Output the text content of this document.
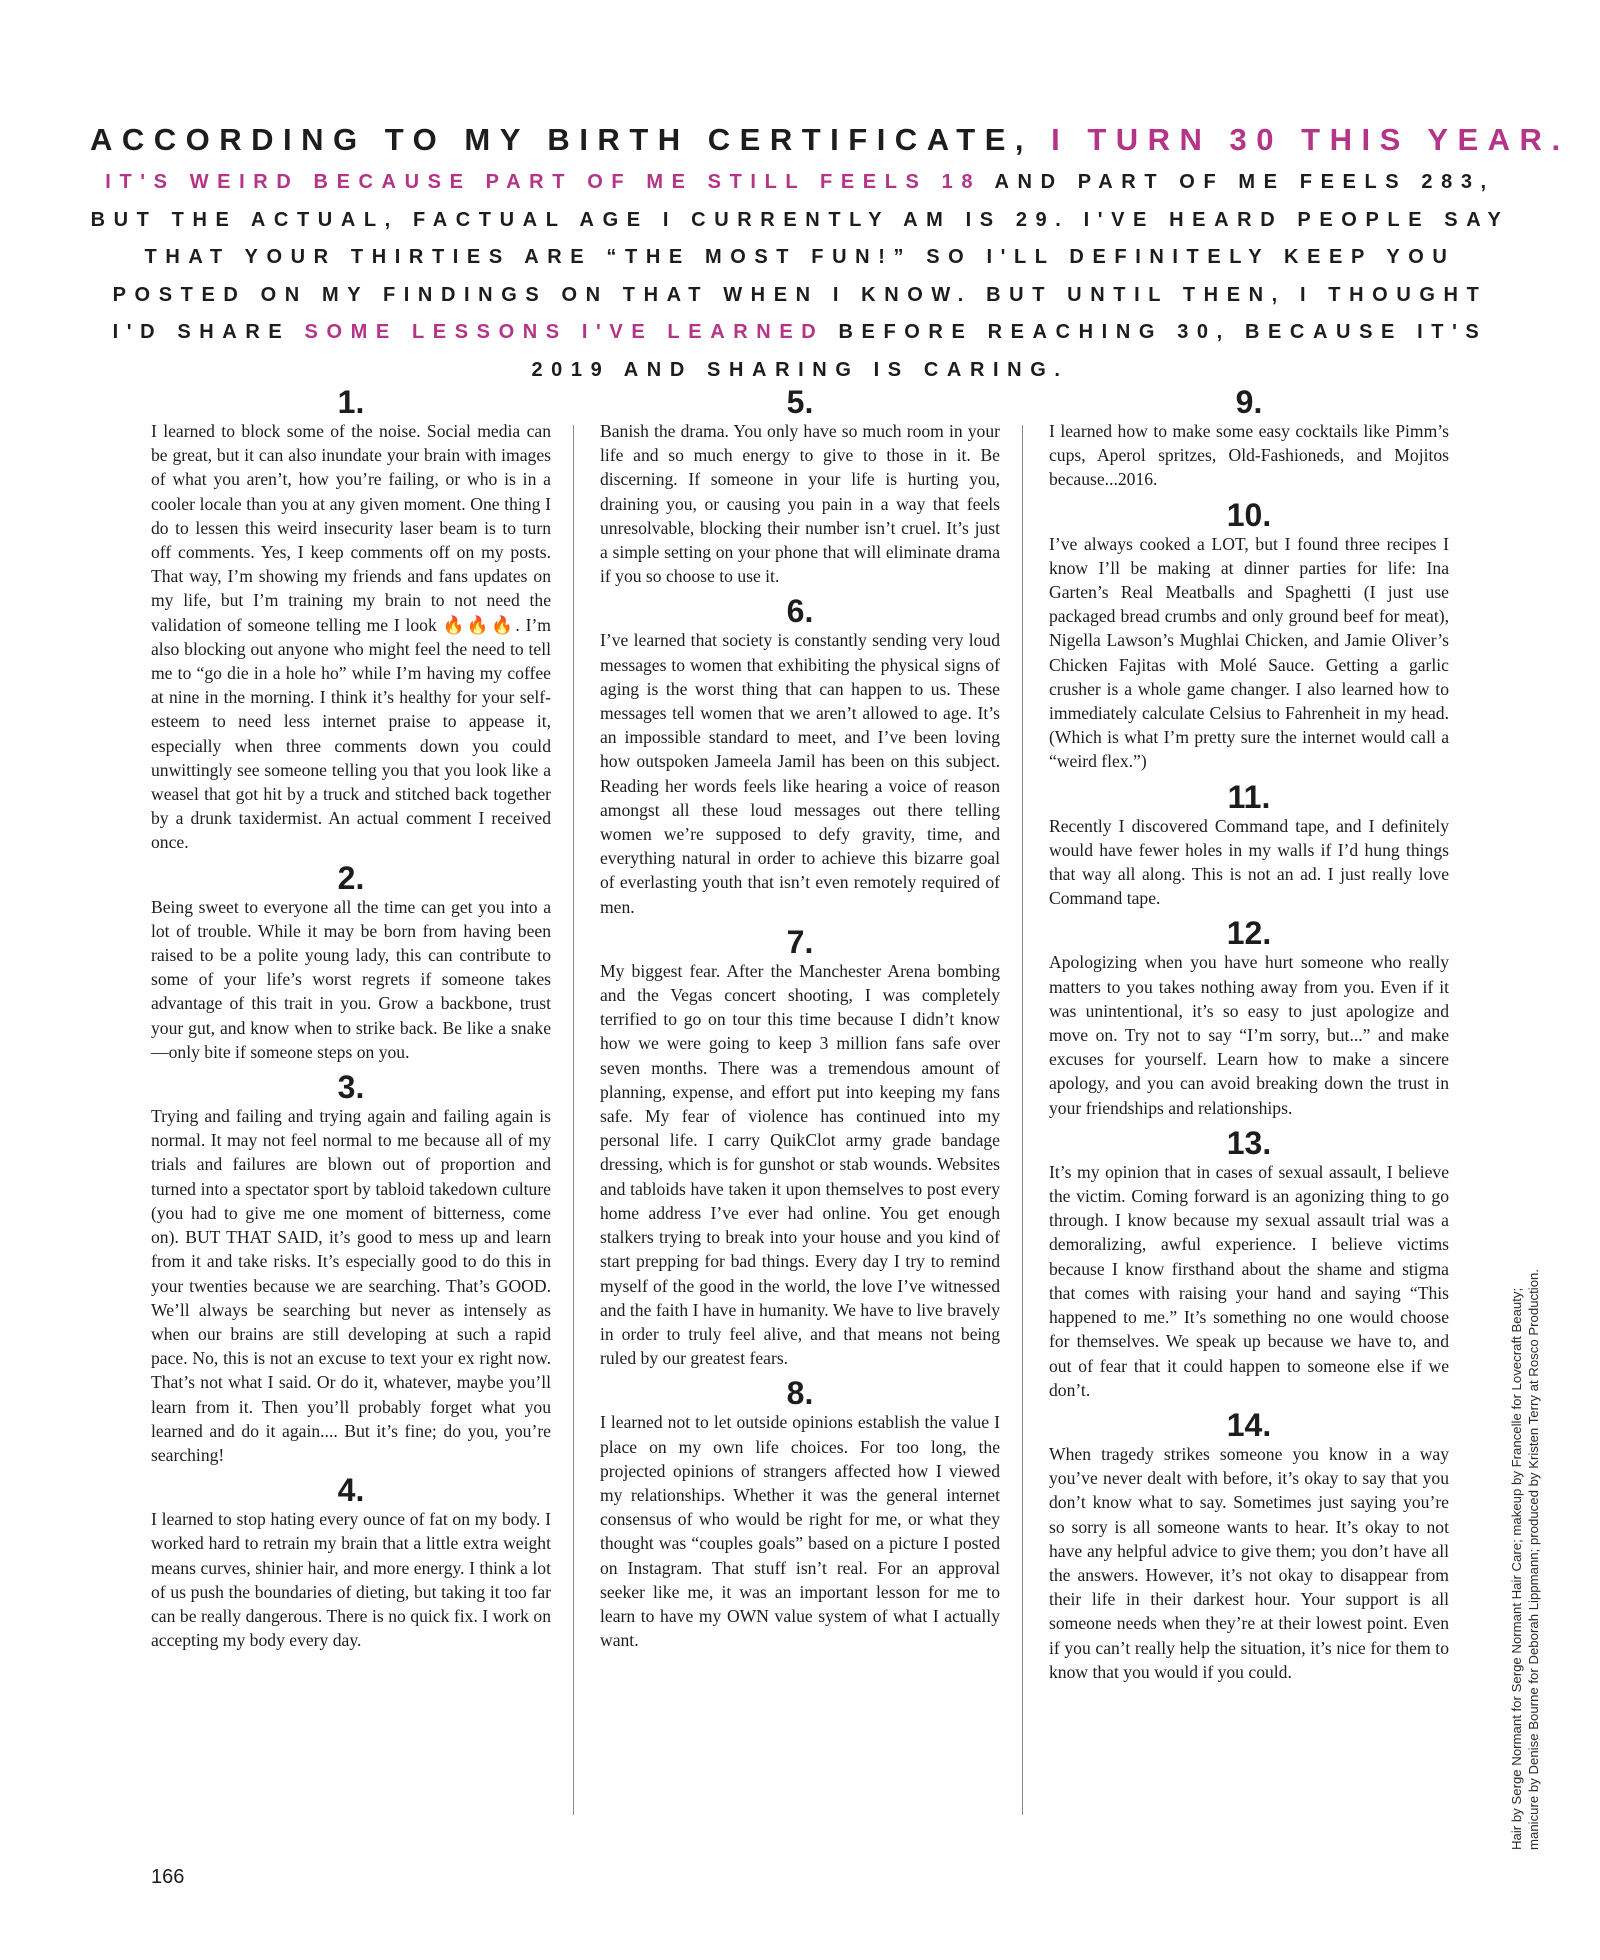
ACCORDING TO MY BIRTH CERTIFICATE, I TURN 30 THIS YEAR.
IT'S WEIRD BECAUSE PART OF ME STILL FEELS 18 AND PART OF ME FEELS 283, BUT THE ACTUAL, FACTUAL AGE I CURRENTLY AM IS 29. I'VE HEARD PEOPLE SAY THAT YOUR THIRTIES ARE “THE MOST FUN!” SO I'LL DEFINITELY KEEP YOU POSTED ON MY FINDINGS ON THAT WHEN I KNOW. BUT UNTIL THEN, I THOUGHT I'D SHARE SOME LESSONS I'VE LEARNED BEFORE REACHING 30, BECAUSE IT'S 2019 AND SHARING IS CARING.
1.

I learned to block some of the noise. Social media can be great, but it can also inundate your brain with images of what you aren’t, how you’re failing, or who is in a cooler locale than you at any given moment. One thing I do to lessen this weird insecurity laser beam is to turn off comments. Yes, I keep comments off on my posts. That way, I’m showing my friends and fans updates on my life, but I’m training my brain to not need the validation of someone telling me I look 🔥🔥🔥. I’m also blocking out anyone who might feel the need to tell me to “go die in a hole ho” while I’m having my coffee at nine in the morning. I think it’s healthy for your self-esteem to need less internet praise to appease it, especially when three comments down you could unwittingly see someone telling you that you look like a weasel that got hit by a truck and stitched back together by a drunk taxidermist. An actual comment I received once.

2.

Being sweet to everyone all the time can get you into a lot of trouble. While it may be born from having been raised to be a polite young lady, this can contribute to some of your life’s worst regrets if someone takes advantage of this trait in you. Grow a backbone, trust your gut, and know when to strike back. Be like a snake—only bite if someone steps on you.

3.

Trying and failing and trying again and failing again is normal. It may not feel normal to me because all of my trials and failures are blown out of proportion and turned into a spectator sport by tabloid takedown culture (you had to give me one moment of bitterness, come on). BUT THAT SAID, it’s good to mess up and learn from it and take risks. It’s especially good to do this in your twenties because we are searching. That’s GOOD. We’ll always be searching but never as intensely as when our brains are still developing at such a rapid pace. No, this is not an excuse to text your ex right now. That’s not what I said. Or do it, whatever, maybe you’ll learn from it. Then you’ll probably forget what you learned and do it again.... But it’s fine; do you, you’re searching!

4.

I learned to stop hating every ounce of fat on my body. I worked hard to retrain my brain that a little extra weight means curves, shinier hair, and more energy. I think a lot of us push the boundaries of dieting, but taking it too far can be really dangerous. There is no quick fix. I work on accepting my body every day.

5.

Banish the drama. You only have so much room in your life and so much energy to give to those in it. Be discerning. If someone in your life is hurting you, draining you, or causing you pain in a way that feels unresolvable, blocking their number isn’t cruel. It’s just a simple setting on your phone that will eliminate drama if you so choose to use it.

6.

I’ve learned that society is constantly sending very loud messages to women that exhibiting the physical signs of aging is the worst thing that can happen to us. These messages tell women that we aren’t allowed to age. It’s an impossible standard to meet, and I’ve been loving how outspoken Jameela Jamil has been on this subject. Reading her words feels like hearing a voice of reason amongst all these loud messages out there telling women we’re supposed to defy gravity, time, and everything natural in order to achieve this bizarre goal of everlasting youth that isn’t even remotely required of men.

7.

My biggest fear. After the Manchester Arena bombing and the Vegas concert shooting, I was completely terrified to go on tour this time because I didn’t know how we were going to keep 3 million fans safe over seven months. There was a tremendous amount of planning, expense, and effort put into keeping my fans safe. My fear of violence has continued into my personal life. I carry QuikClot army grade bandage dressing, which is for gunshot or stab wounds. Websites and tabloids have taken it upon themselves to post every home address I’ve ever had online. You get enough stalkers trying to break into your house and you kind of start prepping for bad things. Every day I try to remind myself of the good in the world, the love I’ve witnessed and the faith I have in humanity. We have to live bravely in order to truly feel alive, and that means not being ruled by our greatest fears.

8.

I learned not to let outside opinions establish the value I place on my own life choices. For too long, the projected opinions of strangers affected how I viewed my relationships. Whether it was the general internet consensus of who would be right for me, or what they thought was “couples goals” based on a picture I posted on Instagram. That stuff isn’t real. For an approval seeker like me, it was an important lesson for me to learn to have my OWN value system of what I actually want.

9.

I learned how to make some easy cocktails like Pimm’s cups, Aperol spritzes, Old-Fashioneds, and Mojitos because...2016.

10.

I’ve always cooked a LOT, but I found three recipes I know I’ll be making at dinner parties for life: Ina Garten’s Real Meatballs and Spaghetti (I just use packaged bread crumbs and only ground beef for meat), Nigella Lawson’s Mughlai Chicken, and Jamie Oliver’s Chicken Fajitas with Molé Sauce. Getting a garlic crusher is a whole game changer. I also learned how to immediately calculate Celsius to Fahrenheit in my head. (Which is what I’m pretty sure the internet would call a “weird flex.”)

11.

Recently I discovered Command tape, and I definitely would have fewer holes in my walls if I’d hung things that way all along. This is not an ad. I just really love Command tape.

12.

Apologizing when you have hurt someone who really matters to you takes nothing away from you. Even if it was unintentional, it’s so easy to just apologize and move on. Try not to say “I’m sorry, but...” and make excuses for yourself. Learn how to make a sincere apology, and you can avoid breaking down the trust in your friendships and relationships.

13.

It’s my opinion that in cases of sexual assault, I believe the victim. Coming forward is an agonizing thing to go through. I know because my sexual assault trial was a demoralizing, awful experience. I believe victims because I know firsthand about the shame and stigma that comes with raising your hand and saying “This happened to me.” It’s something no one would choose for themselves. We speak up because we have to, and out of fear that it could happen to someone else if we don’t.

14.

When tragedy strikes someone you know in a way you’ve never dealt with before, it’s okay to say that you don’t know what to say. Sometimes just saying you’re so sorry is all someone wants to hear. It’s okay to not have any helpful advice to give them; you don’t have all the answers. However, it’s not okay to disappear from their life in their darkest hour. Your support is all someone needs when they’re at their lowest point. Even if you can’t really help the situation, it’s nice for them to know that you would if you could.

166
Hair by Serge Normant for Serge Normant Hair Care; makeup by Francelle for Lovecraft Beauty; manicure by Denise Bourne for Deborah Lippmann; produced by Kristen Terry at Rosco Production.
